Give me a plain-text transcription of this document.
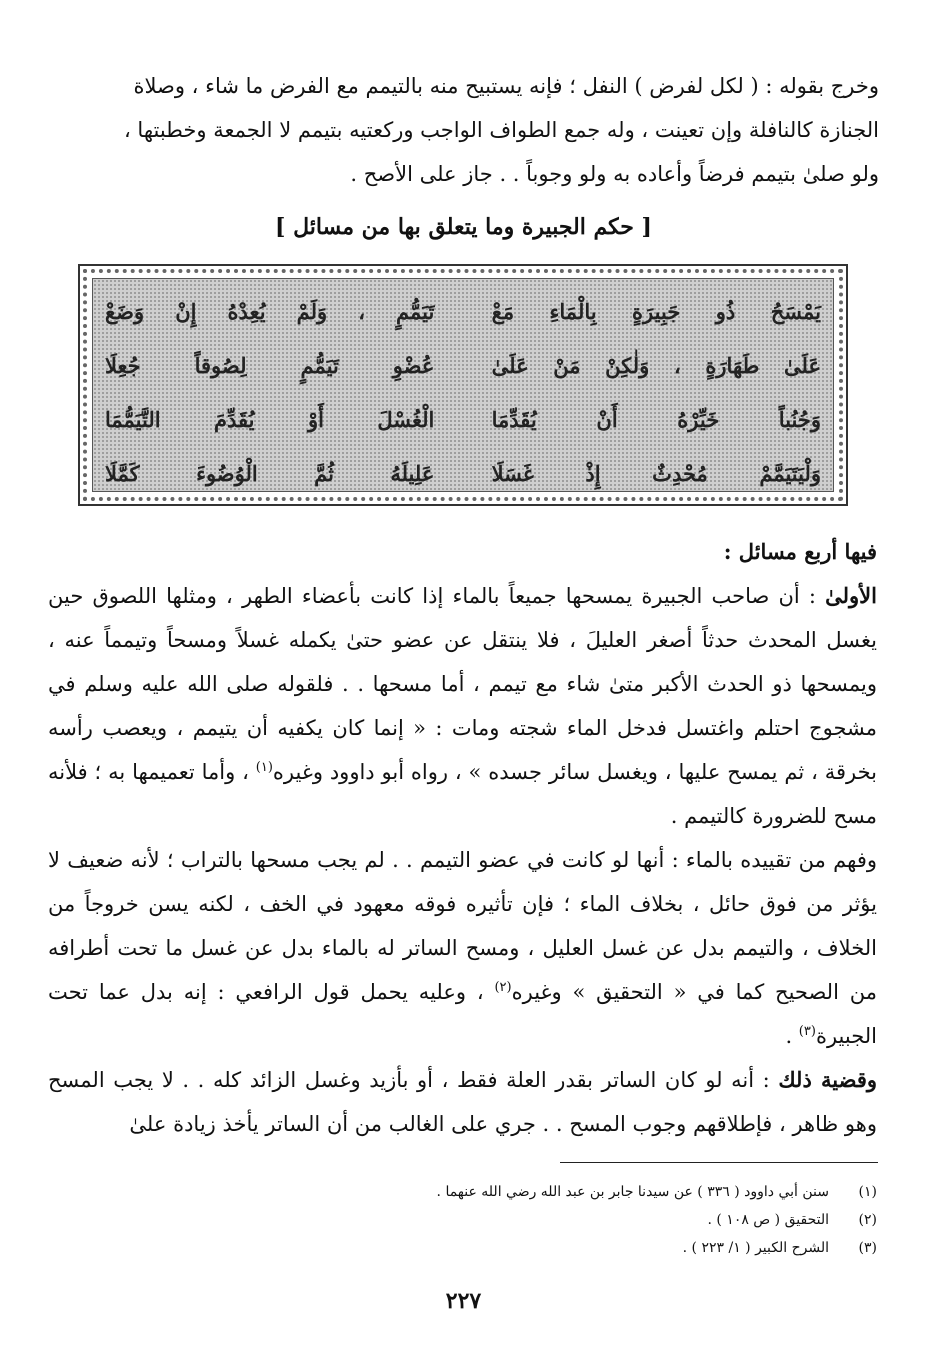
وخرج بقوله : ( لكل لفرض ) النفل ؛ فإنه يستبيح منه بالتيمم مع الفرض ما شاء ، وصلاة

الجنازة كالنافلة وإن تعينت ، وله جمع الطواف الواجب وركعتيه بتيمم لا الجمعة وخطبتها ،

ولو صلىٰ بتيمم فرضاً وأعاده به ولو وجوباً . . جاز على الأصح .

[ حكم الجبيرة وما يتعلق بها من مسائل ]
يَمْسَحُ ذُو جَبِيرَةٍ بِالْمَاءِ مَعْ
تَيَمُّمٍ ، وَلَمْ يُعِدْهُ إِنْ وَضَعْ
عَلَىٰ طَهَارَةٍ ، وَلٰكِنْ مَنْ عَلَىٰ
عُضْوِ تَيَمُّمٍ لِصُوقاً جُعِلَا
وَجُنُباً خَيِّرْهُ أَنْ يُقَدِّمَا
الْغُسْلَ أَوْ يُقَدِّمَ التَّيَمُّمَا
وَلْيَتَيَمَّمْ مُحْدِثٌ إِذْ غَسَلَا
عَلِيلَهُ ثُمَّ الْوُضُوءَ كَمَّلَا

فيها أربع مسائل :

الأولىٰ : أن صاحب الجبيرة يمسحها جميعاً بالماء إذا كانت بأعضاء الطهر ، ومثلها اللصوق حين يغسل المحدث حدثاً أصغر العليلَ ، فلا ينتقل عن عضو حتىٰ يكمله غسلاً ومسحاً وتيمماً عنه ، ويمسحها ذو الحدث الأكبر متىٰ شاء مع تيمم ، أما مسحها . . فلقوله صلى الله عليه وسلم في مشجوج احتلم واغتسل فدخل الماء شجته ومات : « إنما كان يكفيه أن يتيمم ، ويعصب رأسه بخرقة ، ثم يمسح عليها ، ويغسل سائر جسده » ، رواه أبو داوود وغيره$^{(١)}$ ، وأما تعميمها به ؛ فلأنه مسح للضرورة كالتيمم .

وفهم من تقييده بالماء : أنها لو كانت في عضو التيمم . . لم يجب مسحها بالتراب ؛ لأنه ضعيف لا يؤثر من فوق حائل ، بخلاف الماء ؛ فإن تأثيره فوقه معهود في الخف ، لكنه يسن خروجاً من الخلاف ، والتيمم بدل عن غسل العليل ، ومسح الساتر له بالماء بدل عن غسل ما تحت أطرافه من الصحيح كما في « التحقيق » وغيره$^{(٢)}$ ، وعليه يحمل قول الرافعي : إنه بدل عما تحت الجبيرة$^{(٣)}$ .

وقضية ذلك : أنه لو كان الساتر بقدر العلة فقط ، أو بأزيد وغسل الزائد كله . . لا يجب المسح وهو ظاهر ، فإطلاقهم وجوب المسح . . جري على الغالب من أن الساتر يأخذ زيادة علىٰ

(١)
سنن أبي داوود ( ٣٣٦ ) عن سيدنا جابر بن عبد الله رضي الله عنهما .
(٢)
التحقيق ( ص ١٠٨ ) .
(٣)
الشرح الكبير ( ١/ ٢٢٣ ) .
٢٢٧
